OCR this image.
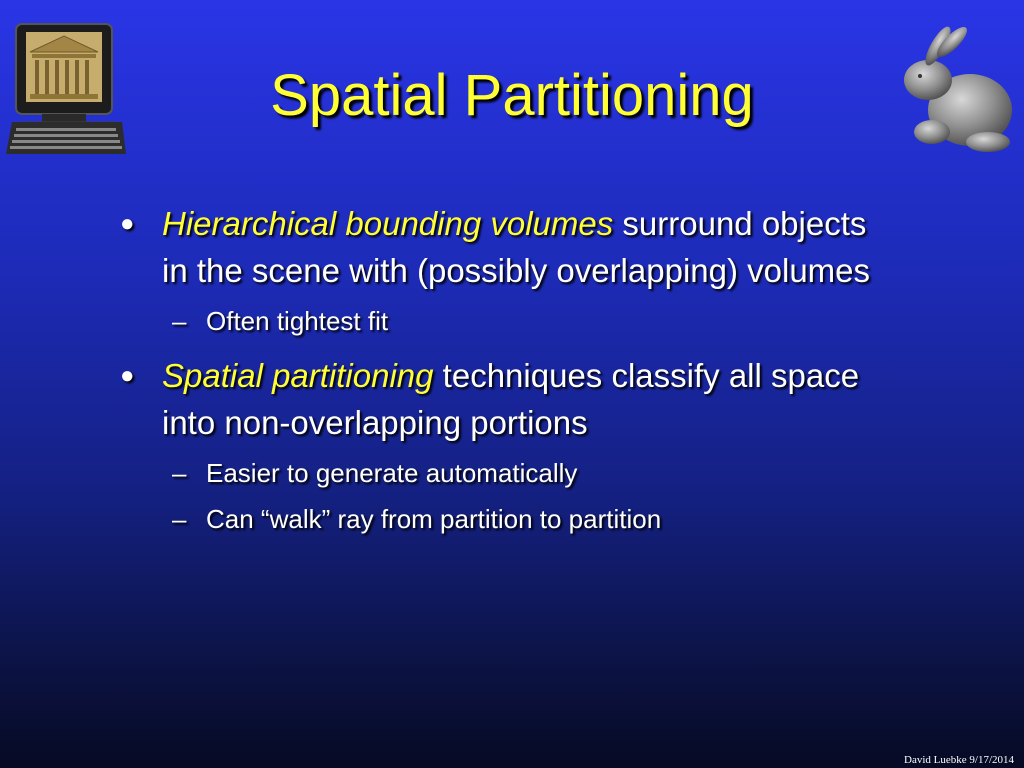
Spatial Partitioning
● Hierarchical bounding volumes surround objects in the scene with (possibly overlapping) volumes
– Often tightest fit
● Spatial partitioning techniques classify all space into non-overlapping portions
– Easier to generate automatically
– Can “walk” ray from partition to partition
David Luebke 9/17/2014
